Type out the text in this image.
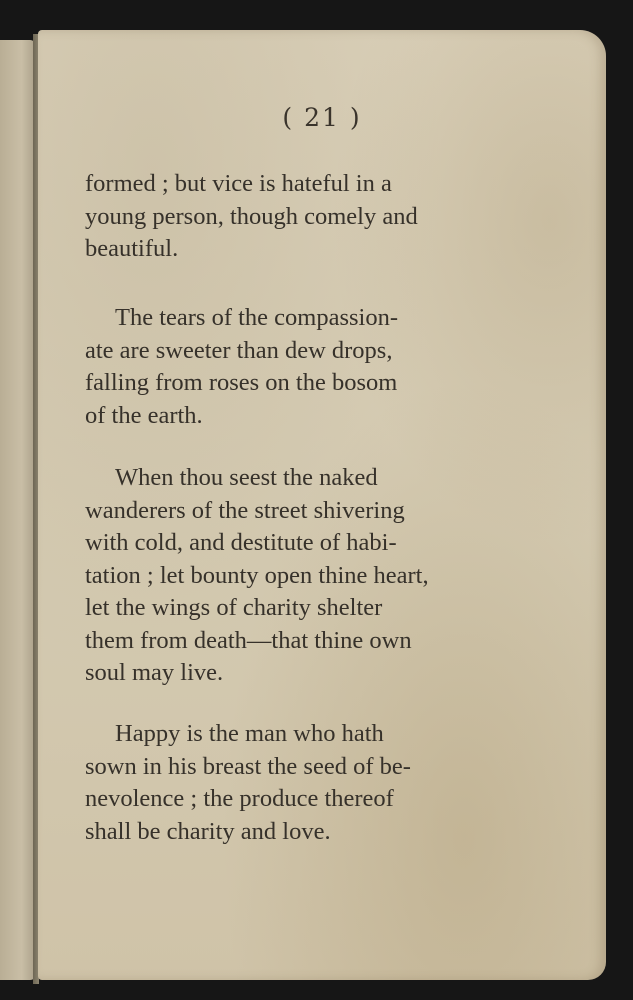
( 21 )

formed ; but vice is hateful in a

young person, though comely and

beautiful.

The tears of the compassion-

ate are sweeter than dew drops,

falling from roses on the bosom

of the earth.

When thou seest the naked

wanderers of the street shivering

with cold, and destitute of habi-

tation ; let bounty open thine heart,

let the wings of charity shelter

them from death—that thine own

soul may live.

Happy is the man who hath

sown in his breast the seed of be-

nevolence ; the produce thereof

shall be charity and love.
